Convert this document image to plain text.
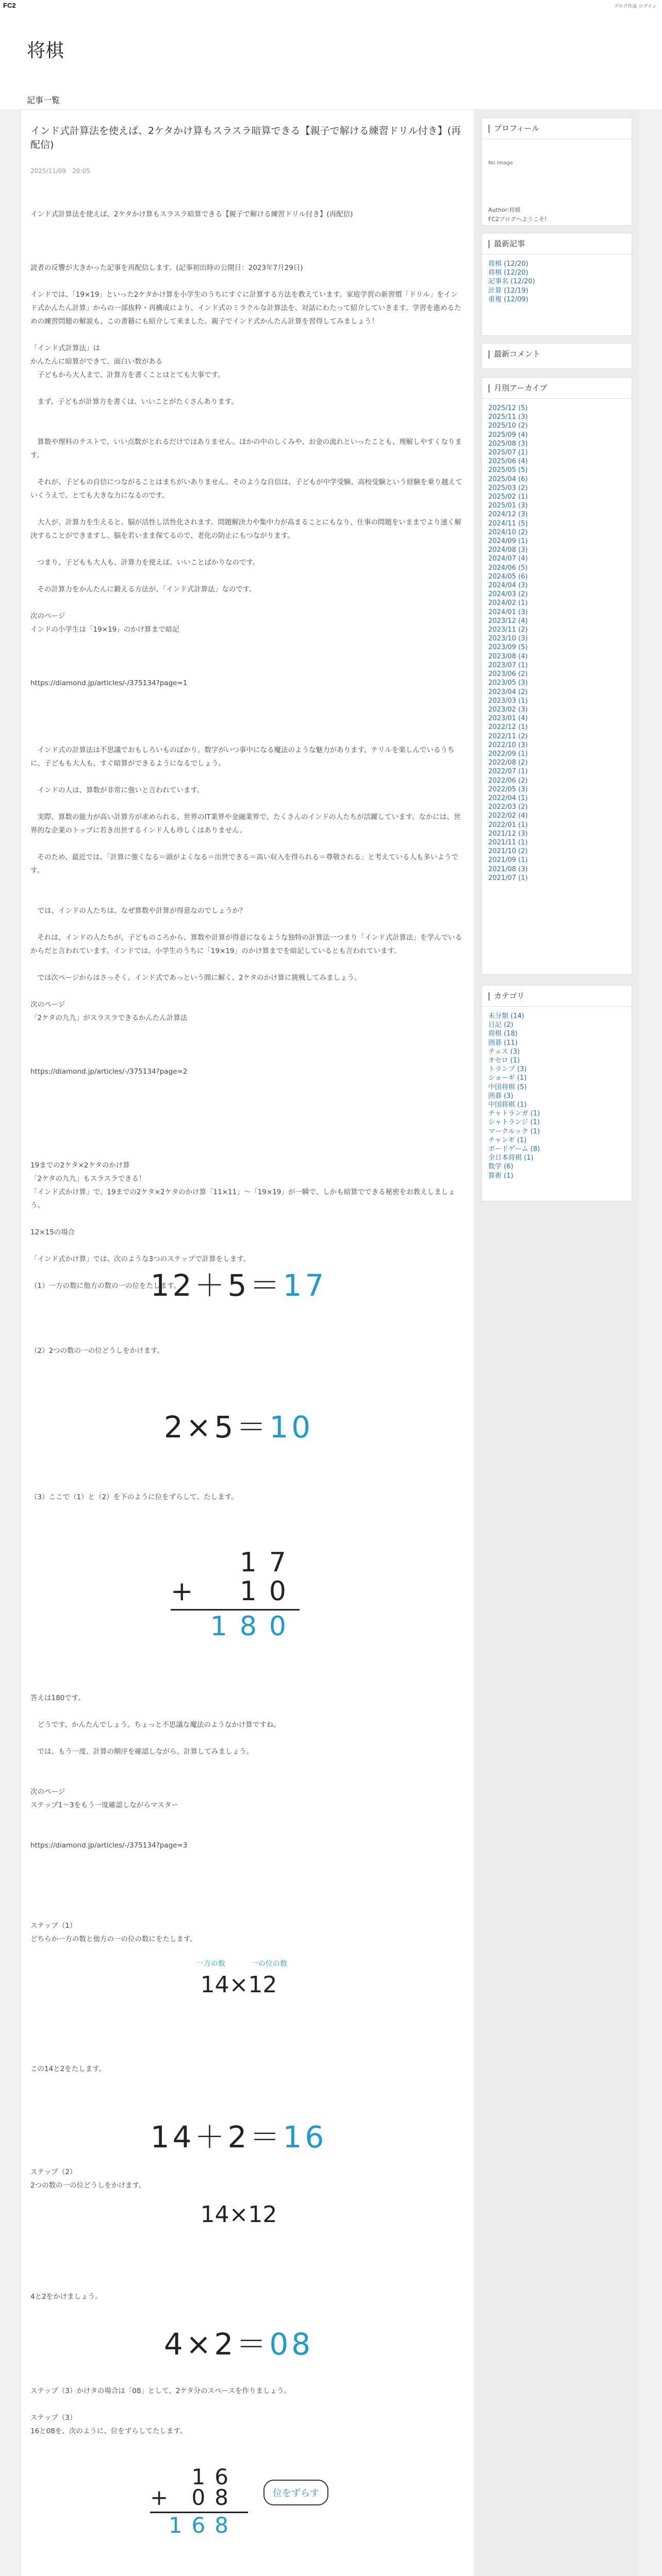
FC2	ブログ作成 ログイン
将棋
記事一覧
インド式計算法を使えば、2ケタかけ算もスラスラ暗算できる【親子で解ける練習ドリル付き】(再配信)
2025/11/09　20:05

インド式計算法を使えば、2ケタかけ算もスラスラ暗算できる【親子で解ける練習ドリル付き】(再配信)

読者の反響が大きかった記事を再配信します。(記事初出時の公開日：2023年7月29日)

インドでは、「19×19」といった2ケタかけ算を小学生のうちにすぐに計算する方法を教えています。家庭学習の新習慣「ドリル」をインド式かんたん計算」からの一部抜粋・再構成により、インド式のミラクルな計算法を、対話にわたって紹介していきます。学習を進めるための練習問題の解説も、この書籍にも紹介して来ました。親子でインド式かんたん計算を習得してみましょう！

「インド式計算法」は
かんたんに暗算ができて、面白い数がある
　子どもから大人まで、計算方を書くことはとても大事です。

　まず、子どもが計算方を書くは、いいことがたくさんあります。

　算数や理科のテストで、いい点数がとれるだけではありません。ほかの中のしくみや、お金の流れといったことも、理解しやすくなります。

　それが、子どもの自信につながることはまちがいありません。そのような自信は、子どもが中学受験、高校受験という経験を乗り越えていくうえで、とても大きな力になるのです。

　大人が、計算力を生えると、脳が活性し活性化されます。問題解決力や集中力が高まることにもなり、仕事の問題をいままでより速く解決することができますし、脳を若いまま保てるので、老化の防止にもつながります。

　つまり、子どもも大人も、計算力を使えば、いいことばかりなのです。

　その計算力をかんたんに鍛える方法が、「インド式計算法」なのです。

次のページ
インドの小学生は「19×19」のかけ算まで暗記

https://diamond.jp/articles/-/375134?page=1

　インド式の計算法は不思議でおもしろいものばかり。数字がいつ事中になる魔法のような魅力があります。テリルを楽しんでいるうちに、子どもも大人も、すぐ暗算ができるようになるでしょう。

　インドの人は、算数が非常に強いと言われています。

　実際、算数の能力が高い計算方が求められる、世界のIT業界や金融業界で、たくさんのインドの人たちが活躍しています。なかには、世界的な企業のトップに若き出世するインド人も珍しくはありません。

　そのため、最近では、「計算に強くなる＝頭がよくなる＝出世できる＝高い収入を得られる＝尊敬される」と考えている人も多いようです。

　では、インドの人たちは、なぜ算数や計算が得意なのでしょうか？

　それは、インドの人たちが、子どものころから、算数や計算が得意になるような独特の計算法一つまり「インド式計算法」を学んでいるからだと言われています。インドでは、小学生のうちに「19×19」のかけ算までを暗記しているとも言われています。

　では次ページからはさっそく、インド式であっという間に解く、2ケタのかけ算に挑戦してみましょう。

次のページ
「2ケタの九九」がスラスラできるかんたん計算法

https://diamond.jp/articles/-/375134?page=2

19までの2ケタ×2ケタのかけ算
「2ケタの九九」もスラスラできる！
「インド式かけ算」で、19までの2ケタ×2ケタのかけ算「11×11」～「19×19」が一瞬で、しかも暗算でできる秘密をお教えしましょう。

12×15の場合

「インド式かけ算」では、次のような3つのステップで計算をします。

（1）一方の数に他方の数の一の位をたします。

12＋5＝17

（2）2つの数の一の位どうしをかけます。

2×5＝10

（3）ここで（1）と（2）を下のように位をずらして、たします。

17
+	10
180

答えは180です。

　どうです、かんたんでしょう。ちょっと不思議な魔法のようなかけ算ですね。

　では、もう一度、計算の順序を確認しながら、計算してみましょう。

次のページ
ステップ1～3をもう一度確認しながらマスター

https://diamond.jp/articles/-/375134?page=3

ステップ（1）
どちらか一方の数と他方の一の位の数にをたします。

一方の数	一の位の数
14×12

この14と2をたします。

14＋2＝16

ステップ（2）
2つの数の一の位どうしをかけます。

14×12

4と2をかけましょう。

4×2＝08

ステップ（3）かけタの場合は「08」として、2ケタ分のスペースを作りましょう。

ステップ（3）
16と08を、次のように、位をずらしてたします。

16
+	08
168
位をずらす

プロフィール
No Image
Author:将棋
FC2ブログへようこそ!
最新記事
将棋 (12/20)
将棋 (12/20)
記事名 (12/20)
計算 (12/19)
重複 (12/09)
最新コメント
月別アーカイブ
2025/12 (5)
2025/11 (3)
2025/10 (2)
2025/09 (4)
2025/08 (3)
2025/07 (1)
2025/06 (4)
2025/05 (5)
2025/04 (6)
2025/03 (2)
2025/02 (1)
2025/01 (3)
2024/12 (3)
2024/11 (5)
2024/10 (2)
2024/09 (1)
2024/08 (3)
2024/07 (4)
2024/06 (5)
2024/05 (6)
2024/04 (3)
2024/03 (2)
2024/02 (1)
2024/01 (3)
2023/12 (4)
2023/11 (2)
2023/10 (3)
2023/09 (5)
2023/08 (4)
2023/07 (1)
2023/06 (2)
2023/05 (3)
2023/04 (2)
2023/03 (1)
2023/02 (3)
2023/01 (4)
2022/12 (1)
2022/11 (2)
2022/10 (3)
2022/09 (1)
2022/08 (2)
2022/07 (1)
2022/06 (2)
2022/05 (3)
2022/04 (1)
2022/03 (2)
2022/02 (4)
2022/01 (1)
2021/12 (3)
2021/11 (1)
2021/10 (2)
2021/09 (1)
2021/08 (3)
2021/07 (1)
カテゴリ
未分類 (14)
日記 (2)
将棋 (18)
囲碁 (11)
チェス (3)
オセロ (1)
トランプ (3)
ショーギ (1)
中国将棋 (5)
囲碁 (3)
中国将棋 (1)
チャトランガ (1)
シャトランジ (1)
マークルック (1)
チャンギ (1)
ボードゲーム (8)
全日本将棋 (1)
数学 (6)
算術 (1)
